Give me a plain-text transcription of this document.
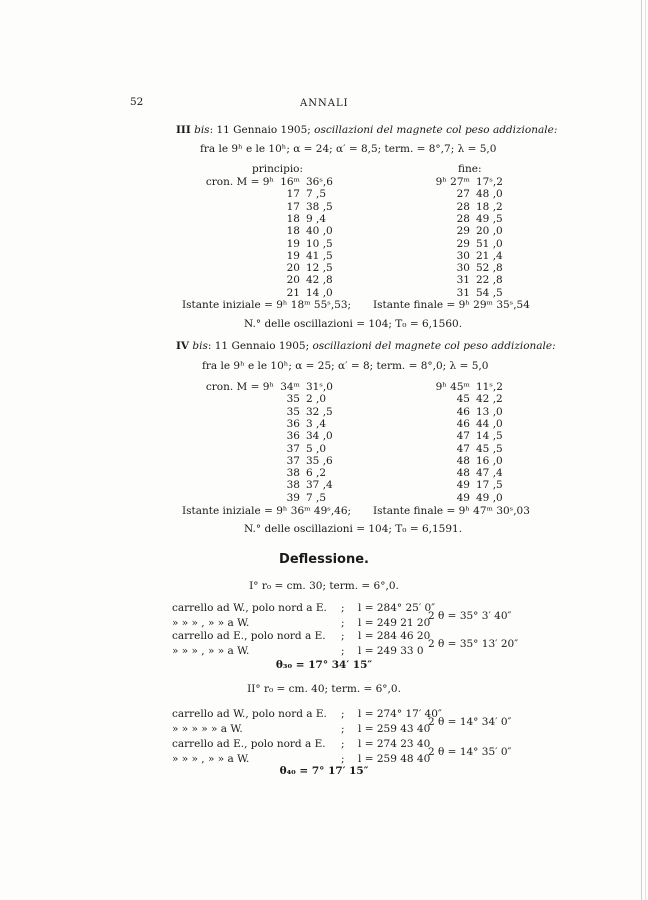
52	ANNALI
III bis: 11 Gennaio 1905; oscillazioni del magnete col peso addizionale:
fra le 9ʰ e le 10ʰ; α = 24; α′ = 8,5; term. = 8°,7; λ = 5,0
principio:	fine:
cron. M = 9ʰ 16ᵐ 36ˢ,6	9ʰ 27ᵐ 17ˢ,2
17 7 ,5	27 48 ,0
17 38 ,5	28 18 ,2
18 9 ,4	28 49 ,5
18 40 ,0	29 20 ,0
19 10 ,5	29 51 ,0
19 41 ,5	30 21 ,4
20 12 ,5	30 52 ,8
20 42 ,8	31 22 ,8
21 14 ,0	31 54 ,5
Istante iniziale = 9ʰ 18ᵐ 55ˢ,53; Istante finale = 9ʰ 29ᵐ 35ˢ,54
N.° delle oscillazioni = 104; T₀ = 6,1560.
IV bis: 11 Gennaio 1905; oscillazioni del magnete col peso addizionale:
fra le 9ʰ e le 10ʰ; α = 25; α′ = 8; term. = 8°,0; λ = 5,0
cron. M = 9ʰ 34ᵐ 31ˢ,0	9ʰ 45ᵐ 11ˢ,2
35 2 ,0	45 42 ,2
35 32 ,5	46 13 ,0
36 3 ,4	46 44 ,0
36 34 ,0	47 14 ,5
37 5 ,0	47 45 ,5
37 35 ,6	48 16 ,0
38 6 ,2	48 47 ,4
38 37 ,4	49 17 ,5
39 7 ,5	49 49 ,0
Istante iniziale = 9ʰ 36ᵐ 49ˢ,46; Istante finale = 9ʰ 47ᵐ 30ˢ,03
N.° delle oscillazioni = 104; T₀ = 6,1591.
Deflessione.
I° r₀ = cm. 30; term. = 6°,0.
carrello ad W., polo nord a E. ; l = 284° 25′ 0″
» » » , » » a W.	; l = 249 21 20
2 θ = 35° 3′ 40″
carrello ad E., polo nord a E. ; l = 284 46 20
» » » , » » a W.	; l = 249 33 0
2 θ = 35° 13′ 20″
θ₃₀ = 17° 34′ 15″
II° r₀ = cm. 40; term. = 6°,0.
carrello ad W., polo nord a E. ; l = 274° 17′ 40″
» » » » » a W.	; l = 259 43 40
2 θ = 14° 34′ 0″
carrello ad E., polo nord a E. ; l = 274 23 40
» » » , » » a W.	; l = 259 48 40
2 θ = 14° 35′ 0″
θ₄₀ = 7° 17′ 15″
